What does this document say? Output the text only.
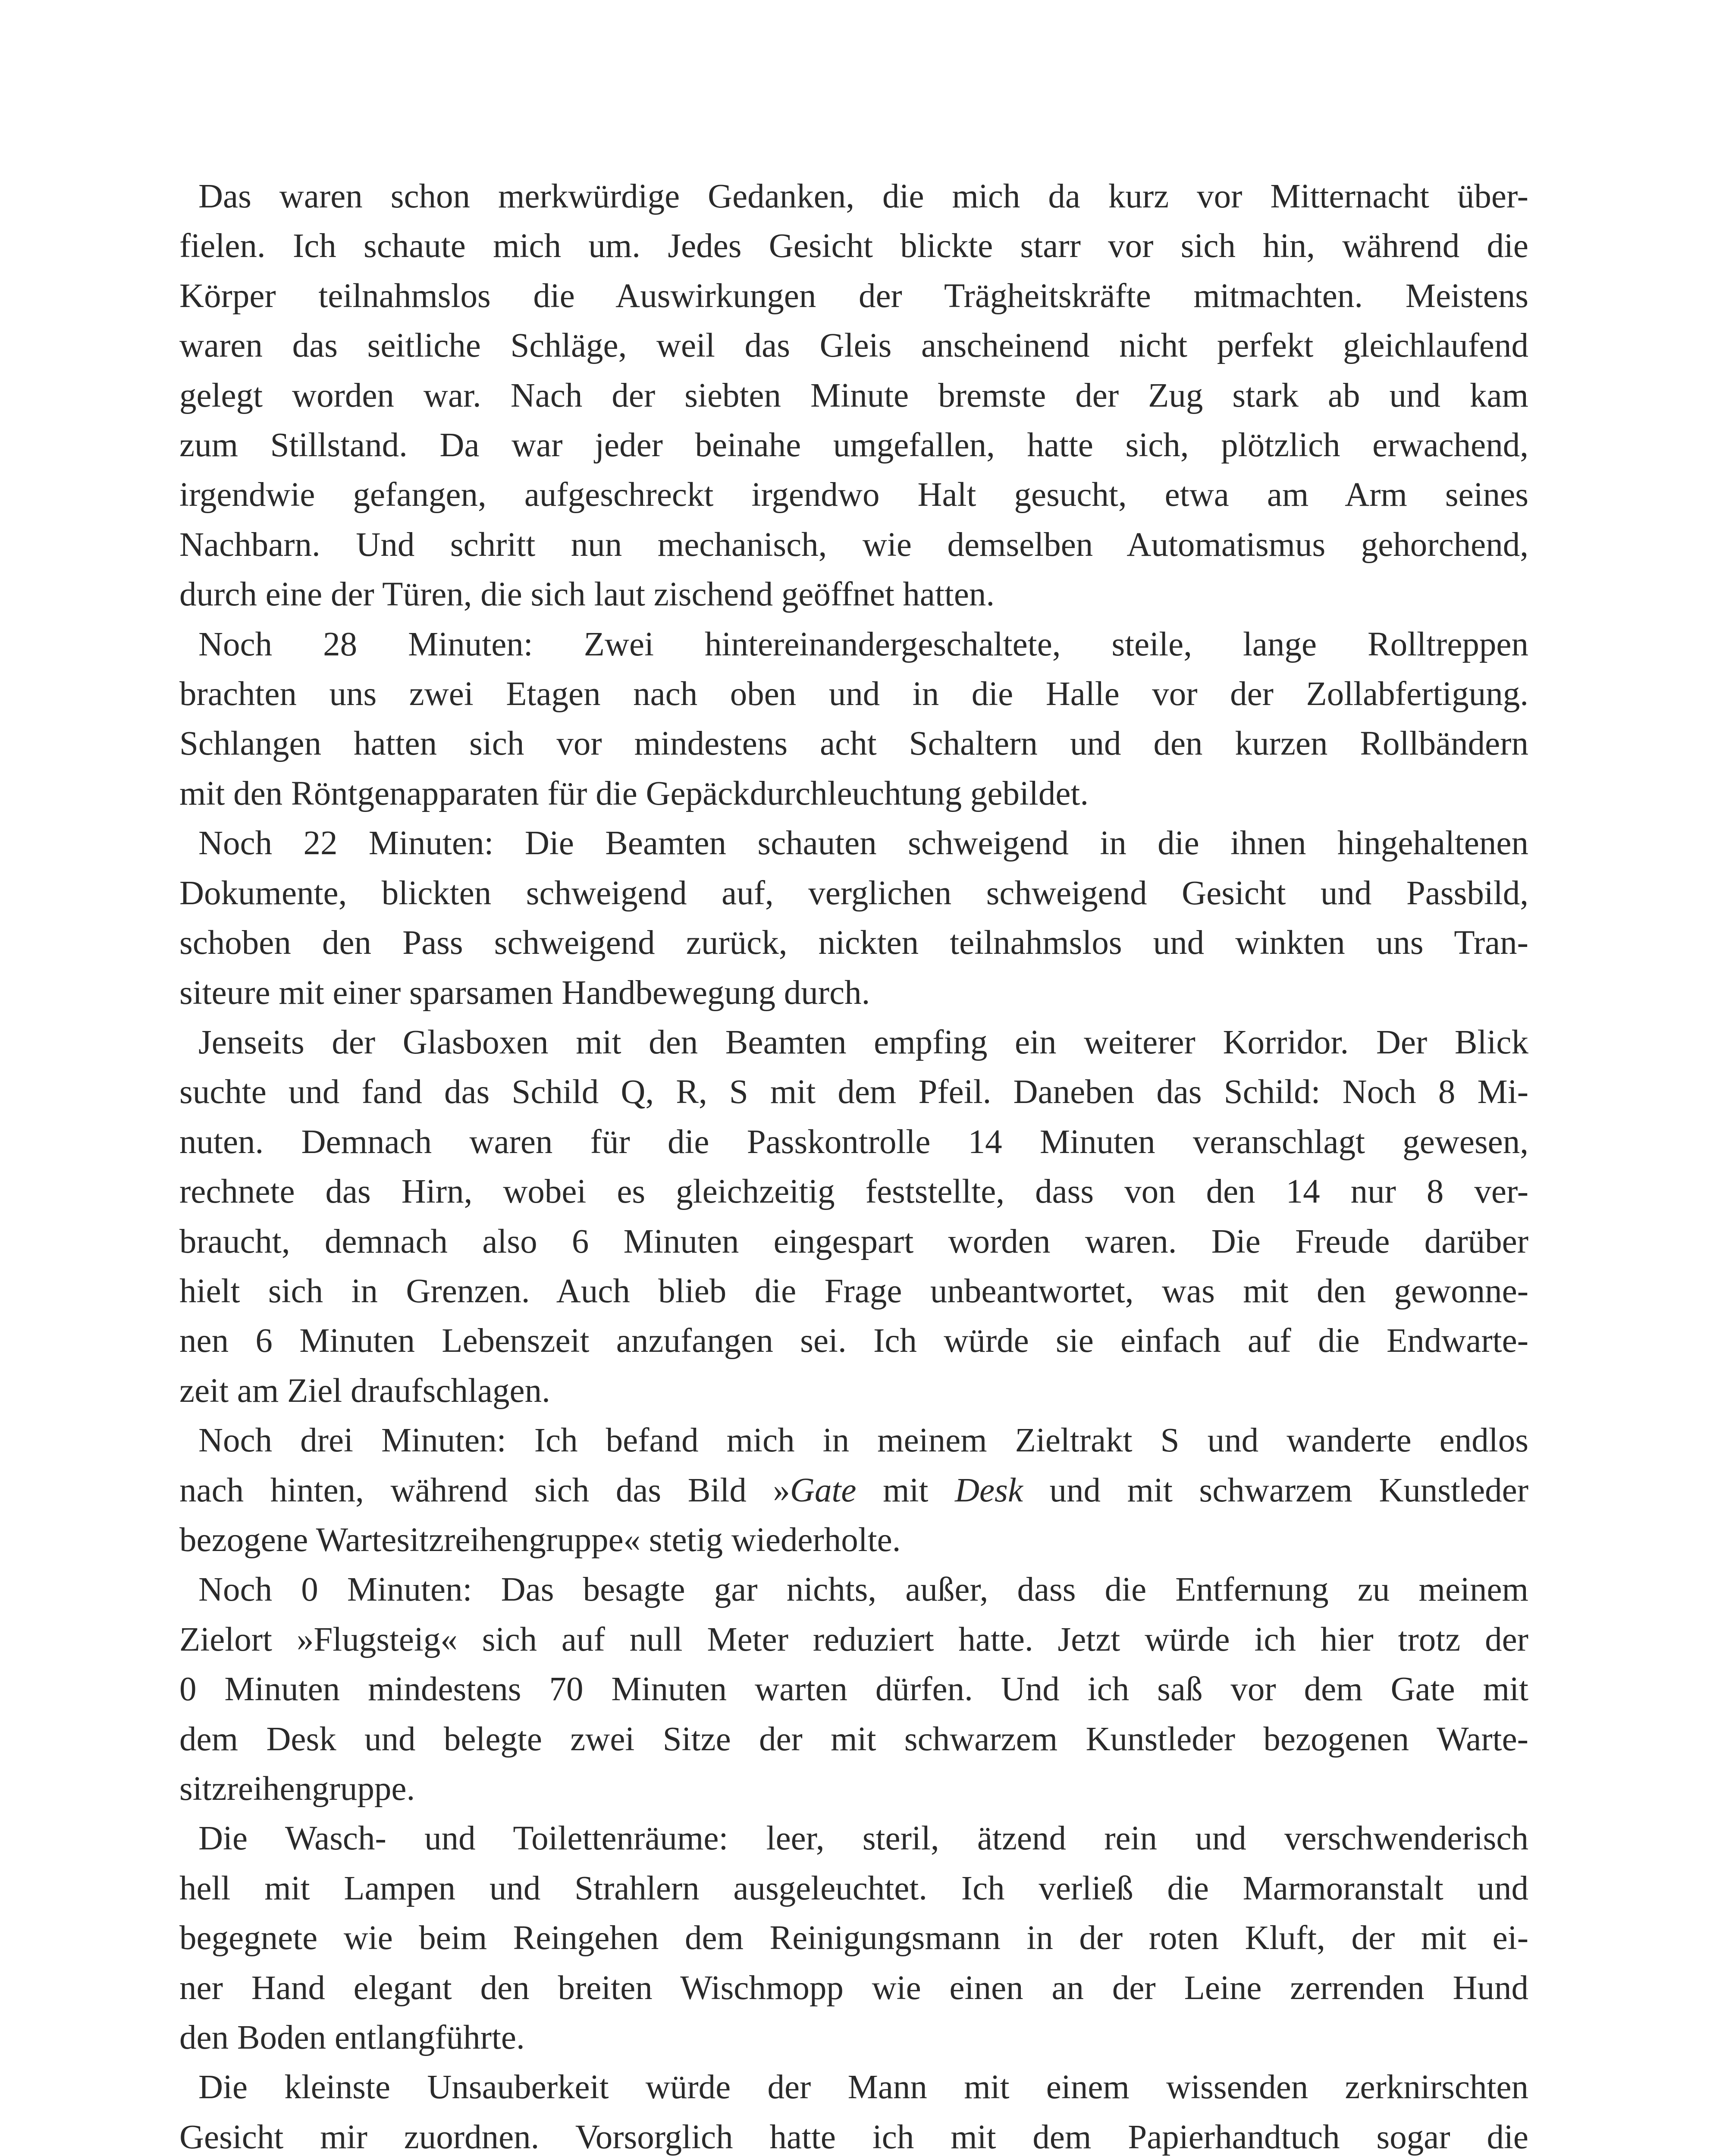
Das waren schon merkwürdige Gedanken, die mich da kurz vor Mitternacht über-
fielen. Ich schaute mich um. Jedes Gesicht blickte starr vor sich hin, während die
Körper teilnahmslos die Auswirkungen der Trägheitskräfte mitmachten. Meistens
waren das seitliche Schläge, weil das Gleis anscheinend nicht perfekt gleichlaufend
gelegt worden war. Nach der siebten Minute bremste der Zug stark ab und kam
zum Stillstand. Da war jeder beinahe umgefallen, hatte sich, plötzlich erwachend,
irgendwie gefangen, aufgeschreckt irgendwo Halt gesucht, etwa am Arm seines
Nachbarn. Und schritt nun mechanisch, wie demselben Automatismus gehorchend,
durch eine der Türen, die sich laut zischend geöffnet hatten.

Noch 28 Minuten: Zwei hintereinandergeschaltete, steile, lange Rolltreppen
brachten uns zwei Etagen nach oben und in die Halle vor der Zollabfertigung.
Schlangen hatten sich vor mindestens acht Schaltern und den kurzen Rollbändern
mit den Röntgenapparaten für die Gepäckdurchleuchtung gebildet.

Noch 22 Minuten: Die Beamten schauten schweigend in die ihnen hingehaltenen
Dokumente, blickten schweigend auf, verglichen schweigend Gesicht und Passbild,
schoben den Pass schweigend zurück, nickten teilnahmslos und winkten uns Tran-
siteure mit einer sparsamen Handbewegung durch.

Jenseits der Glasboxen mit den Beamten empfing ein weiterer Korridor. Der Blick
suchte und fand das Schild Q, R, S mit dem Pfeil. Daneben das Schild: Noch 8 Mi-
nuten. Demnach waren für die Passkontrolle 14 Minuten veranschlagt gewesen,
rechnete das Hirn, wobei es gleichzeitig feststellte, dass von den 14 nur 8 ver-
braucht, demnach also 6 Minuten eingespart worden waren. Die Freude darüber
hielt sich in Grenzen. Auch blieb die Frage unbeantwortet, was mit den gewonne-
nen 6 Minuten Lebenszeit anzufangen sei. Ich würde sie einfach auf die Endwarte-
zeit am Ziel draufschlagen.

Noch drei Minuten: Ich befand mich in meinem Zieltrakt S und wanderte endlos
nach hinten, während sich das Bild »Gate mit Desk und mit schwarzem Kunstleder
bezogene Wartesitzreihengruppe« stetig wiederholte.

Noch 0 Minuten: Das besagte gar nichts, außer, dass die Entfernung zu meinem
Zielort »Flugsteig« sich auf null Meter reduziert hatte. Jetzt würde ich hier trotz der
0 Minuten mindestens 70 Minuten warten dürfen. Und ich saß vor dem Gate mit
dem Desk und belegte zwei Sitze der mit schwarzem Kunstleder bezogenen Warte-
sitzreihengruppe.

Die Wasch- und Toilettenräume: leer, steril, ätzend rein und verschwenderisch
hell mit Lampen und Strahlern ausgeleuchtet. Ich verließ die Marmoranstalt und
begegnete wie beim Reingehen dem Reinigungsmann in der roten Kluft, der mit ei-
ner Hand elegant den breiten Wischmopp wie einen an der Leine zerrenden Hund
den Boden entlangführte.

Die kleinste Unsauberkeit würde der Mann mit einem wissenden zerknirschten
Gesicht mir zuordnen. Vorsorglich hatte ich mit dem Papierhandtuch sogar die
